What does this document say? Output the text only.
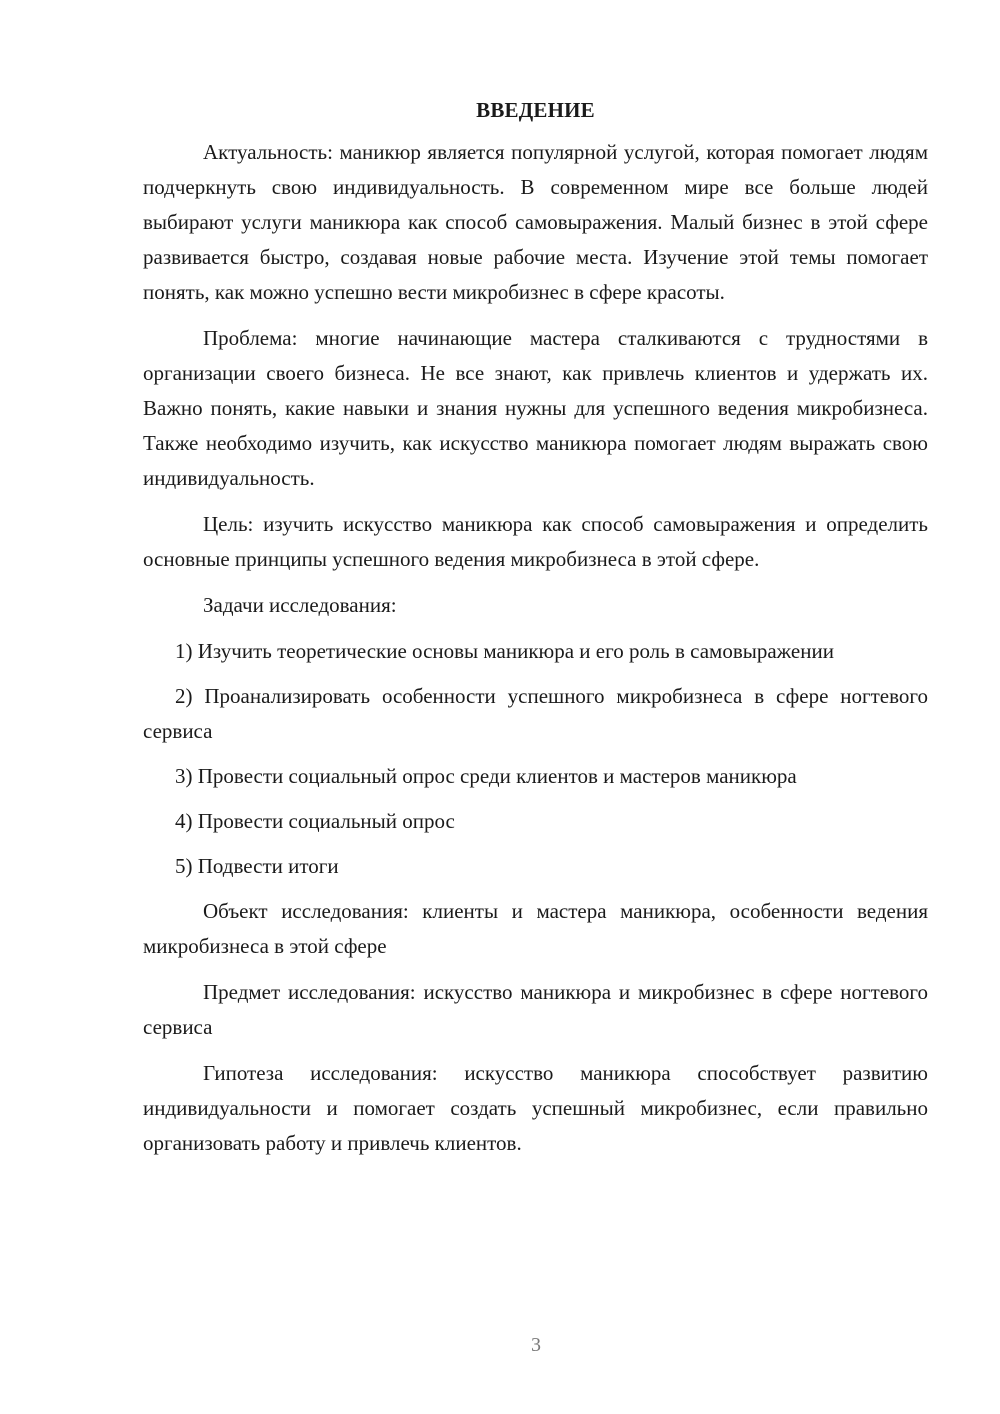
ВВЕДЕНИЕ

Актуальность: маникюр является популярной услугой, которая помогает людям подчеркнуть свою индивидуальность. В современном мире все больше людей выбирают услуги маникюра как способ самовыражения. Малый бизнес в этой сфере развивается быстро, создавая новые рабочие места. Изучение этой темы помогает понять, как можно успешно вести микробизнес в сфере красоты.

Проблема: многие начинающие мастера сталкиваются с трудностями в организации своего бизнеса. Не все знают, как привлечь клиентов и удержать их. Важно понять, какие навыки и знания нужны для успешного ведения микробизнеса. Также необходимо изучить, как искусство маникюра помогает людям выражать свою индивидуальность.

Цель: изучить искусство маникюра как способ самовыражения и определить основные принципы успешного ведения микробизнеса в этой сфере.

Задачи исследования:

1) Изучить теоретические основы маникюра и его роль в самовыражении

2) Проанализировать особенности успешного микробизнеса в сфере ногтевого сервиса

3) Провести социальный опрос среди клиентов и мастеров маникюра

4) Провести социальный опрос

5) Подвести итоги

Объект исследования: клиенты и мастера маникюра, особенности ведения микробизнеса в этой сфере

Предмет исследования: искусство маникюра и микробизнес в сфере ногтевого сервиса

Гипотеза исследования: искусство маникюра способствует развитию индивидуальности и помогает создать успешный микробизнес, если правильно организовать работу и привлечь клиентов.

3
